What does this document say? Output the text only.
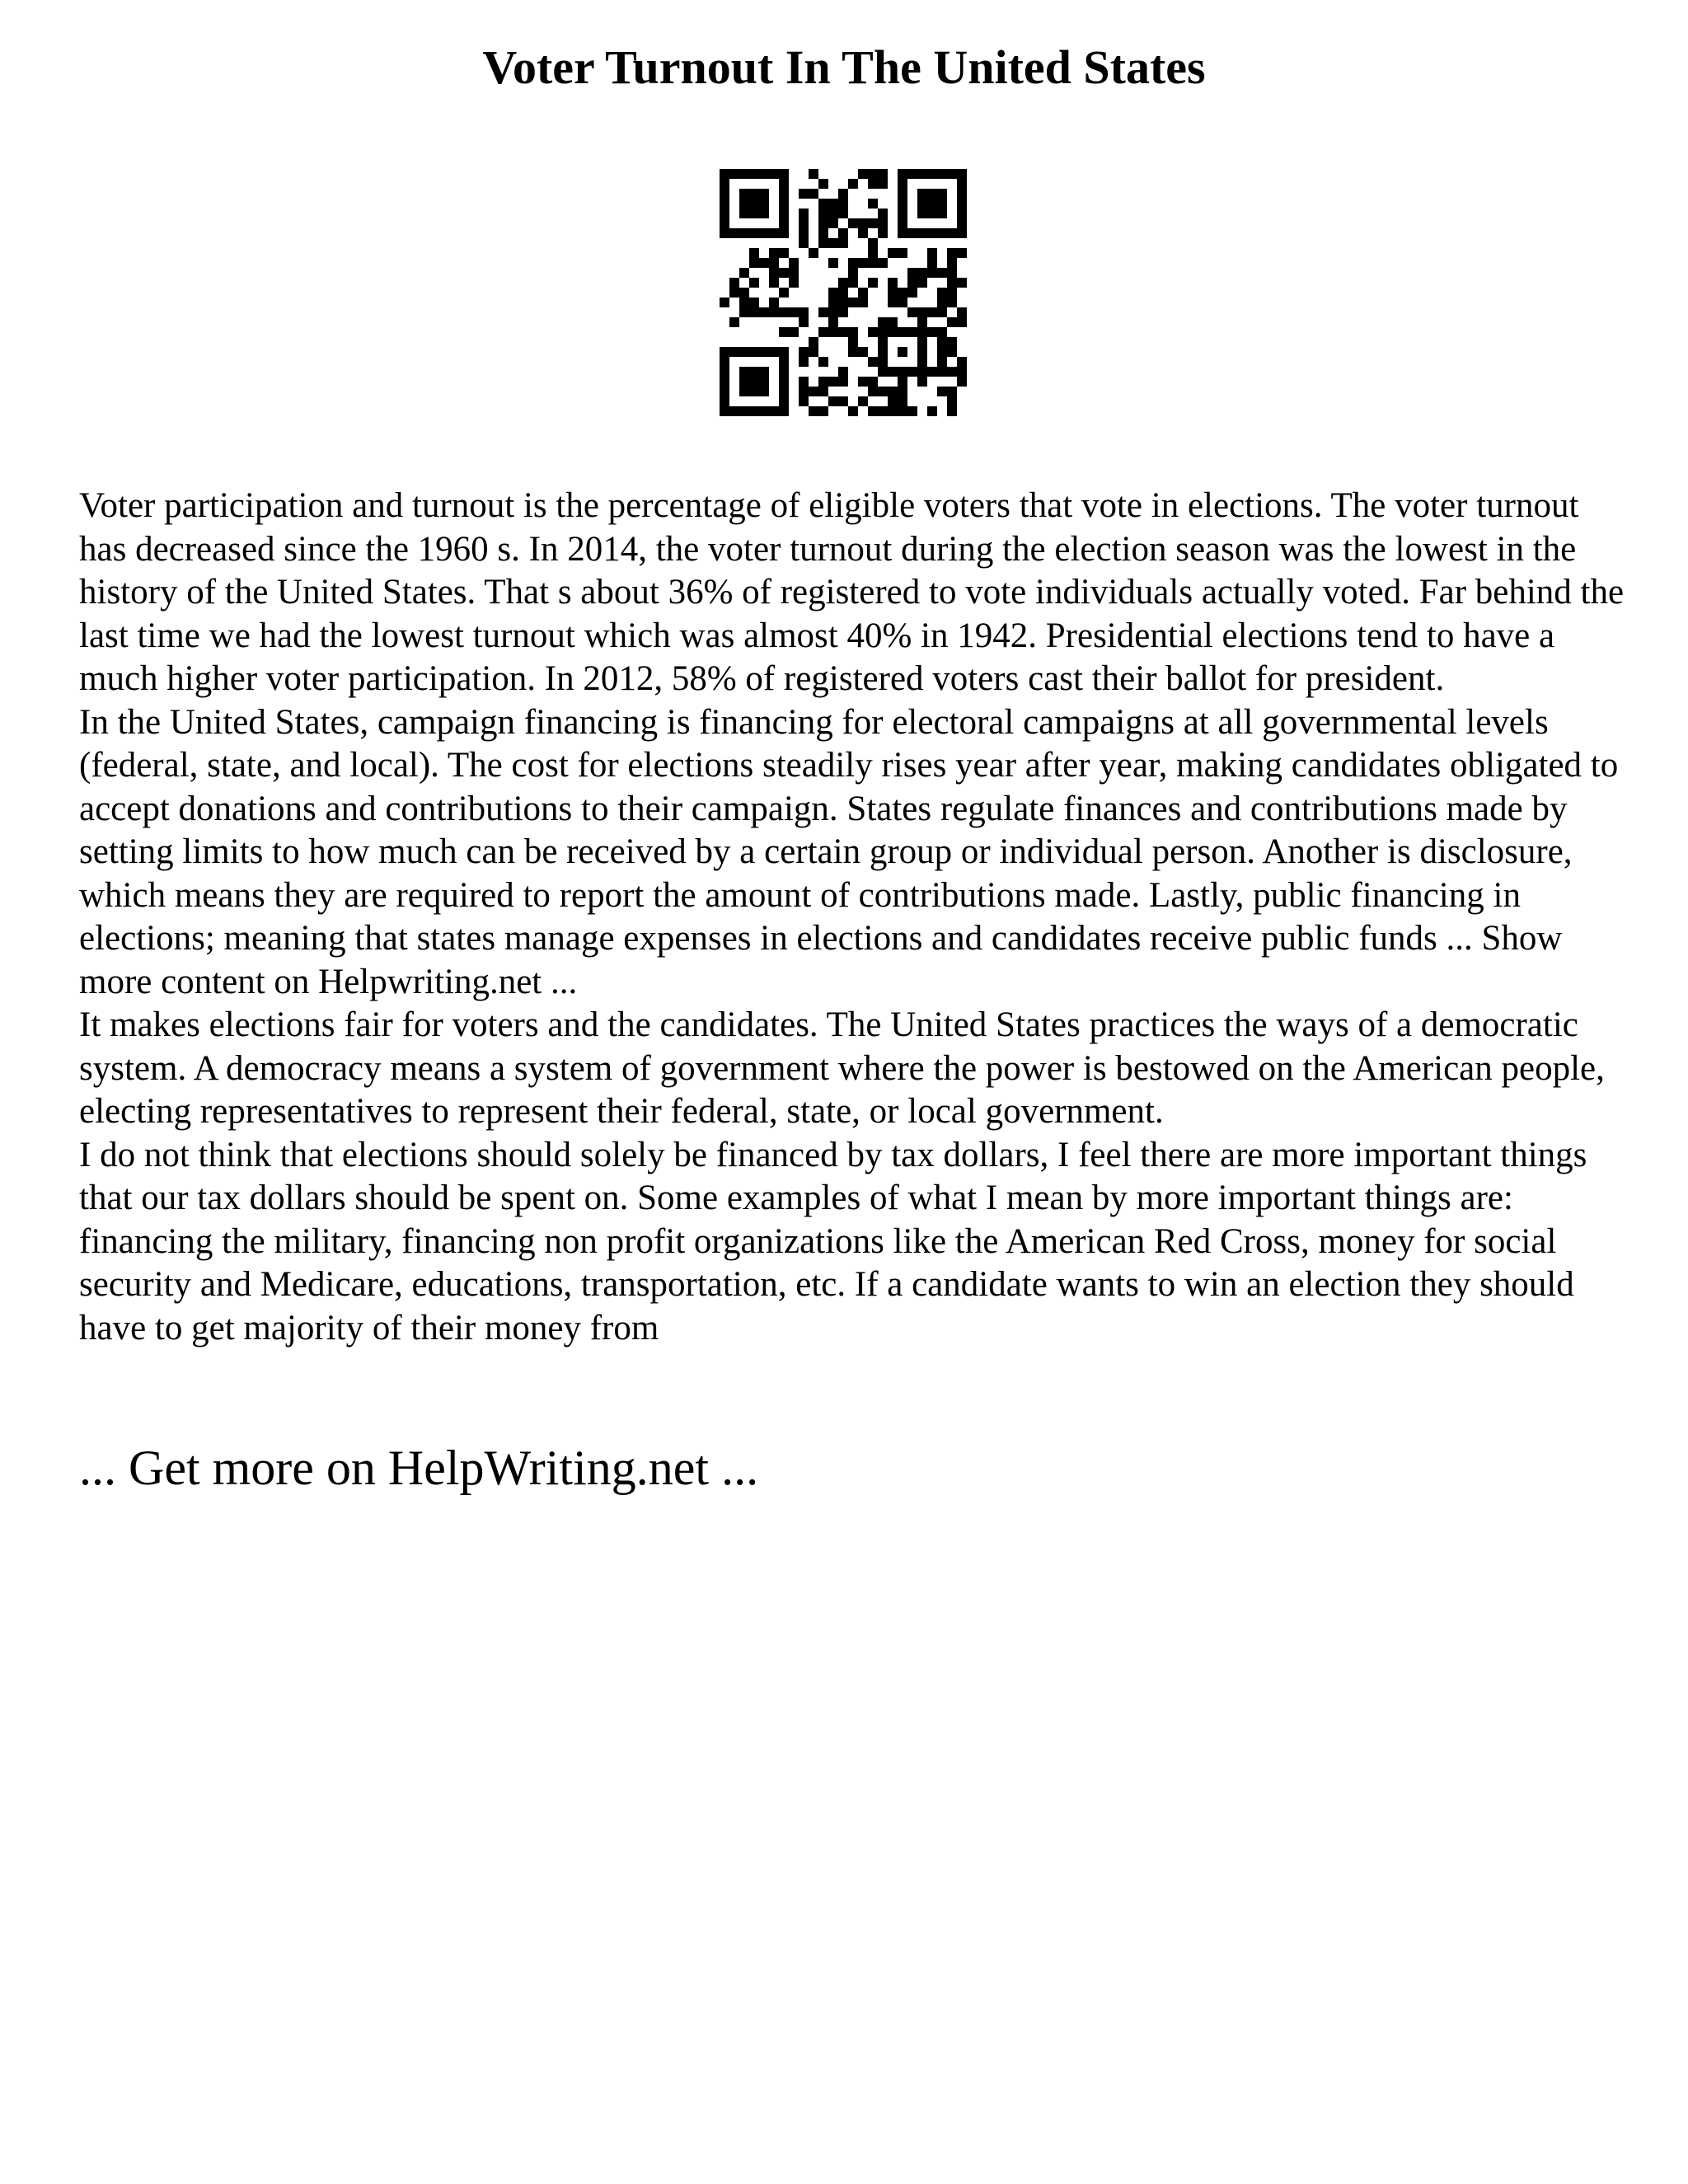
Voter Turnout In The United States

Voter participation and turnout is the percentage of eligible voters that vote in elections. The voter turnout has decreased since the 1960 s. In 2014, the voter turnout during the election season was the lowest in the history of the United States. That s about 36% of registered to vote individuals actually voted. Far behind the last time we had the lowest turnout which was almost 40% in 1942. Presidential elections tend to have a much higher voter participation. In 2012, 58% of registered voters cast their ballot for president.

In the United States, campaign financing is financing for electoral campaigns at all governmental levels (federal, state, and local). The cost for elections steadily rises year after year, making candidates obligated to accept donations and contributions to their campaign. States regulate finances and contributions made by setting limits to how much can be received by a certain group or individual person. Another is disclosure, which means they are required to report the amount of contributions made. Lastly, public financing in elections; meaning that states manage expenses in elections and candidates receive public funds ... Show more content on Helpwriting.net ...

It makes elections fair for voters and the candidates. The United States practices the ways of a democratic system. A democracy means a system of government where the power is bestowed on the American people, electing representatives to represent their federal, state, or local government.

I do not think that elections should solely be financed by tax dollars, I feel there are more important things that our tax dollars should be spent on. Some examples of what I mean by more important things are: financing the military, financing non profit organizations like the American Red Cross, money for social security and Medicare, educations, transportation, etc. If a candidate wants to win an election they should have to get majority of their money from

... Get more on HelpWriting.net ...
